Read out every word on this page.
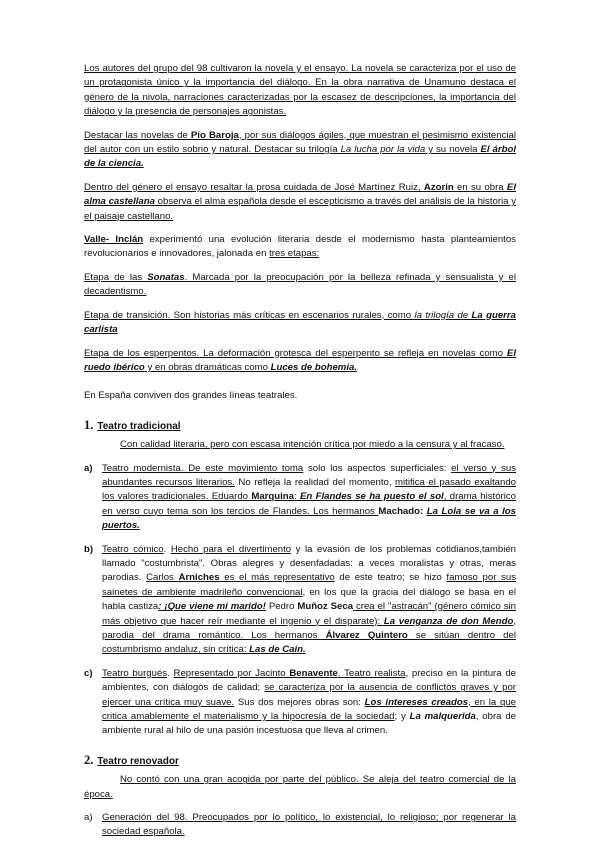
Los autores del grupo del 98 cultivaron la novela y el ensayo. La novela se caracteriza por el uso de un protagonista único y la importancia del diálogo. En la obra narrativa de Unamuno destaca el género de la nivola, narraciones caracterizadas por la escasez de descripciones, la importancia del diálogo y la presencia de personajes agonistas.

Destacar las novelas de Pío Baroja, por sus diálogos ágiles, que muestran el pesimismo existencial del autor con un estilo sobrio y natural. Destacar su trilogía La lucha por la vida y su novela El árbol de la ciencia.

Dentro del género el ensayo resaltar la prosa cuidada de José Martínez Ruiz, Azorín en su obra El alma castellana observa el alma española desde el escepticismo a través del análisis de la historia y el paisaje castellano.

Valle- Inclán experimentó una evolución literaria desde el modernismo hasta planteamientos revolucionarios e innovadores, jalonada en tres etapas:

Etapa de las Sonatas. Marcada por la preocupación por la belleza refinada y sensualista y el decadentismo.

Etapa de transición. Son historias más críticas en escenarios rurales, como la trilogía de La guerra carlista

Etapa de los esperpentos. La deformación grotesca del esperpento se refleja en novelas como El ruedo ibérico y en obras dramáticas como Luces de bohemia.

En España conviven dos grandes líneas teatrales.

1. Teatro tradicional

Con calidad literaria, pero con escasa intención crítica por miedo a la censura y al fracaso.

a) Teatro modernista. De este movimiento toma solo los aspectos superficiales: el verso y sus abundantes recursos literarios. No refleja la realidad del momento, mitifica el pasado exaltando los valores tradicionales. Eduardo Marquina: En Flandes se ha puesto el sol, drama histórico en verso cuyo tema son los tercios de Flandes. Los hermanos Machado: La Lola se va a los puertos.
b) Teatro cómico. Hecho para el divertimento y la evasión de los problemas cotidianos,también llamado "costumbrista". Obras alegres y desenfadadas: a veces moralistas y otras, meras parodias. Carlos Arniches es el más representativo de este teatro; se hizo famoso por sus sainetes de ambiente madrileño convencional, en los que la gracia del diálogo se basa en el habla castiza: ¡Que viene mi marido! Pedro Muñoz Seca crea el "astracán" (género cómico sin más objetivo que hacer reír mediante el ingenio y el disparate): La venganza de don Mendo, parodia del drama romántico. Los hermanos Álvarez Quintero se sitúan dentro del costumbrismo andaluz, sin crítica: Las de Caín.
c) Teatro burgués. Representado por Jacinto Benavente. Teatro realista, preciso en la pintura de ambientes, con diálogos de calidad; se caracteriza por la ausencia de conflictos graves y por ejercer una crítica muy suave. Sus dos mejores obras son: Los intereses creados, en la que critica amablemente el materialismo y la hipocresía de la sociedad; y La malquerida, obra de ambiente rural al hilo de una pasión incestuosa que lleva al crimen.
2. Teatro renovador

No contó con una gran acogida por parte del público. Se aleja del teatro comercial de la época.

a) Generación del 98. Preocupados por lo político, lo existencial, lo religioso; por regenerar la sociedad española.
